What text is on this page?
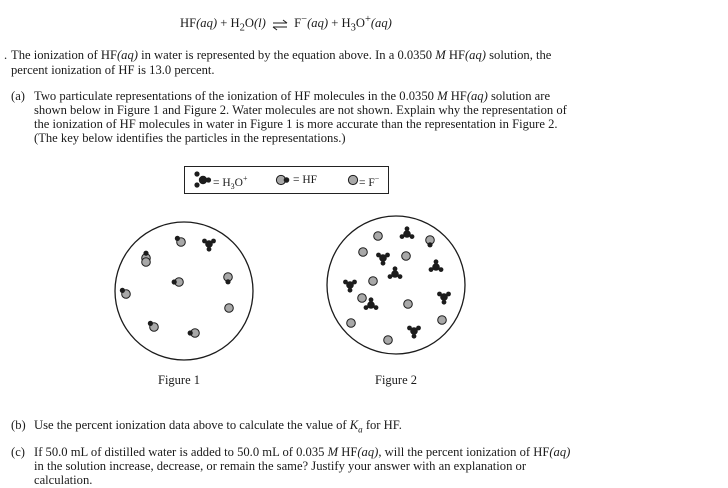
$HF(aq) + H_2O(l)$ ⇌ $F^-(aq) + H_3O^+(aq)$
. The ionization of HF(aq) in water is represented by the equation above. In a 0.0350 M HF(aq) solution, the
percent ionization of HF is 13.0 percent.
(a) Two particulate representations of the ionization of HF molecules in the 0.0350 M HF(aq) solution are
shown below in Figure 1 and Figure 2. Water molecules are not shown. Explain why the representation of
the ionization of HF molecules in water in Figure 1 is more accurate than the representation in Figure 2.
(The key below identifies the particles in the representations.)
= $H_3O^+$	= HF	= F−
Figure 1	Figure 2
(b) Use the percent ionization data above to calculate the value of $K_a$ for HF.
(c) If 50.0 mL of distilled water is added to 50.0 mL of 0.035 M HF(aq), will the percent ionization of HF(aq)
in the solution increase, decrease, or remain the same? Justify your answer with an explanation or
calculation.
